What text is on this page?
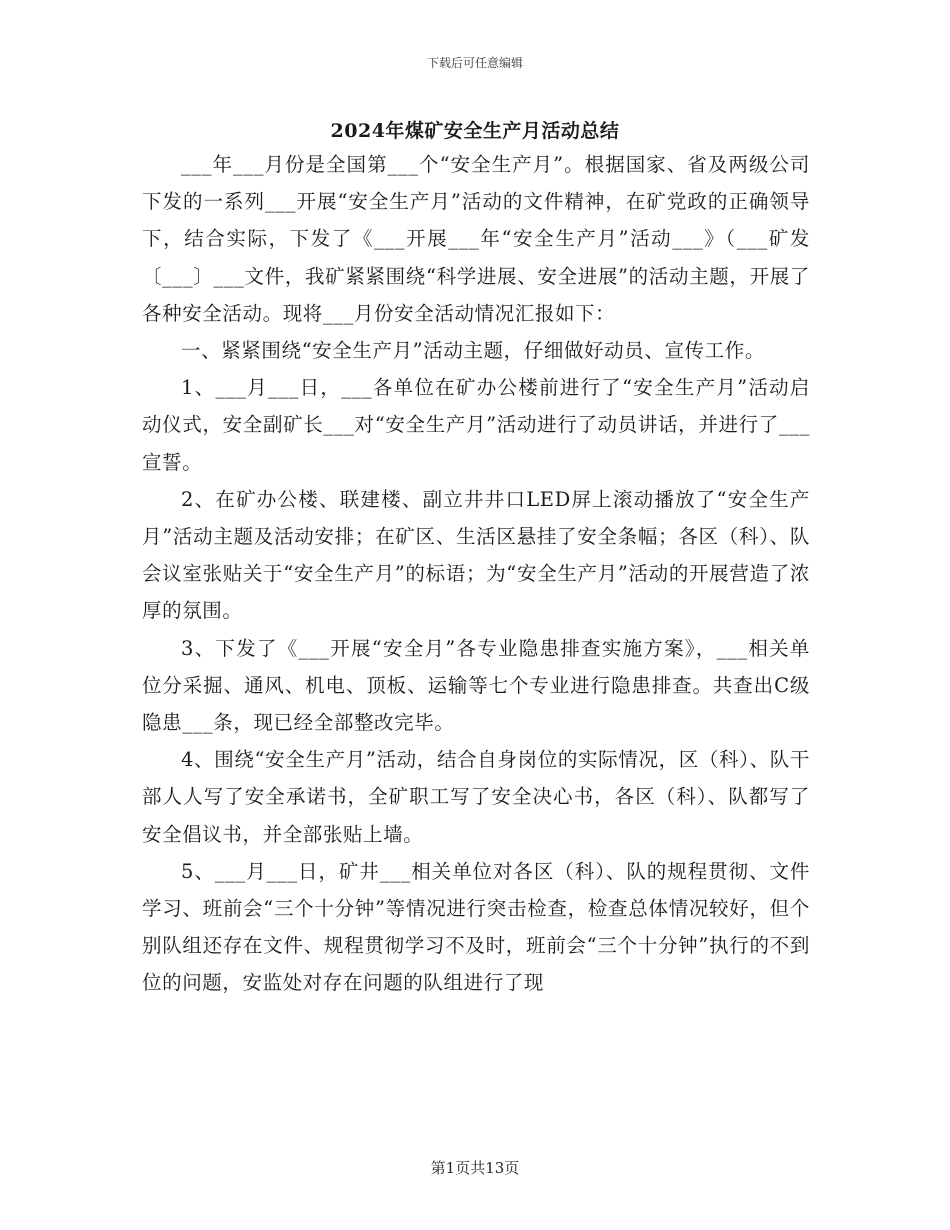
下载后可任意编辑
2024年煤矿安全生产月活动总结

___年___月份是全国第___个“安全生产月”。根据国家、省及两级公司下发的一系列___开展“安全生产月”活动的文件精神，在矿党政的正确领导下，结合实际，下发了《___开展___年“安全生产月”活动___》（___矿发〔___〕___文件，我矿紧紧围绕“科学进展、安全进展”的活动主题，开展了各种安全活动。现将___月份安全活动情况汇报如下：

一、紧紧围绕“安全生产月”活动主题，仔细做好动员、宣传工作。

1、___月___日，___各单位在矿办公楼前进行了“安全生产月”活动启动仪式，安全副矿长___对“安全生产月”活动进行了动员讲话，并进行了___宣誓。

2、在矿办公楼、联建楼、副立井井口LED屏上滚动播放了“安全生产月”活动主题及活动安排；在矿区、生活区悬挂了安全条幅；各区（科）、队会议室张贴关于“安全生产月”的标语；为“安全生产月”活动的开展营造了浓厚的氛围。

3、下发了《___开展“安全月”各专业隐患排查实施方案》，___相关单位分采掘、通风、机电、顶板、运输等七个专业进行隐患排查。共查出C级隐患___条，现已经全部整改完毕。

4、围绕“安全生产月”活动，结合自身岗位的实际情况，区（科）、队干部人人写了安全承诺书，全矿职工写了安全决心书，各区（科）、队都写了安全倡议书，并全部张贴上墙。

5、___月___日，矿井___相关单位对各区（科）、队的规程贯彻、文件学习、班前会“三个十分钟”等情况进行突击检查，检查总体情况较好，但个别队组还存在文件、规程贯彻学习不及时，班前会“三个十分钟”执行的不到位的问题，安监处对存在问题的队组进行了现

第1页共13页
